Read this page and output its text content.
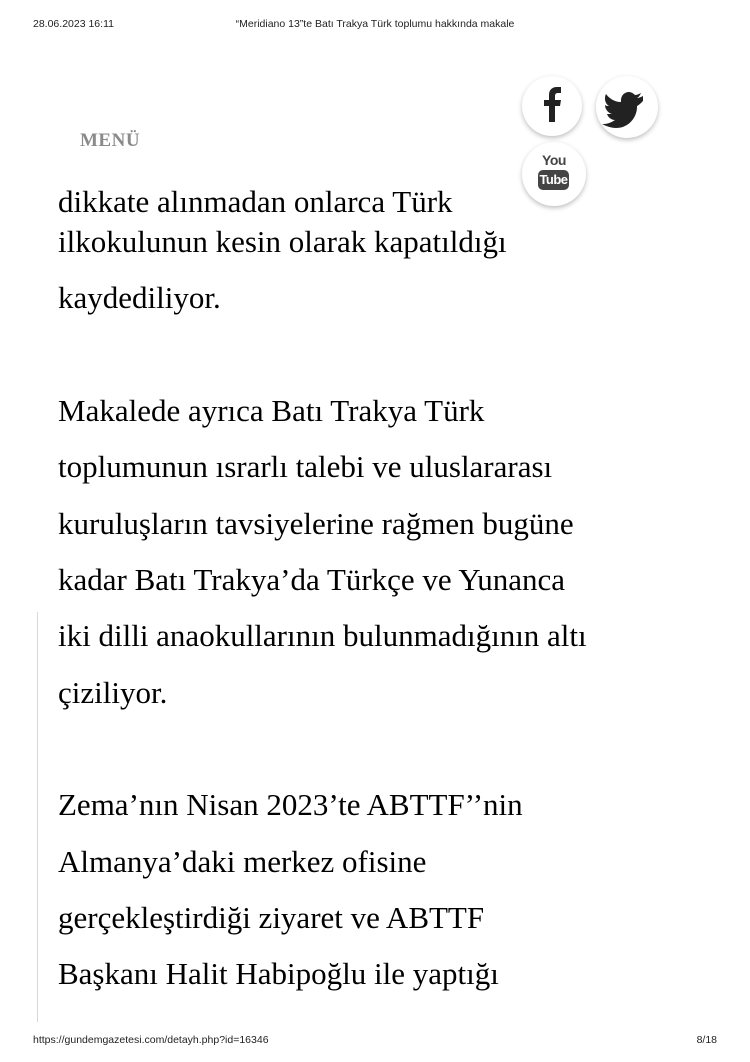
28.06.2023 16:11	“Meridiano 13”te Batı Trakya Türk toplumu hakkında makale
MENÜ
You
Tube
dikkate alınmadan onlarca Türk

ilkokulunun kesin olarak kapatıldığı
kaydediliyor.

Makalede ayrıca Batı Trakya Türk
toplumunun ısrarlı talebi ve uluslararası
kuruluşların tavsiyelerine rağmen bugüne
kadar Batı Trakya’da Türkçe ve Yunanca
iki dilli anaokullarının bulunmadığının altı
çiziliyor.

Zema’nın Nisan 2023’te ABTTF’’nin
Almanya’daki merkez ofisine
gerçekleştirdiği ziyaret ve ABTTF
Başkanı Halit Habipoğlu ile yaptığı

https://gundemgazetesi.com/detayh.php?id=16346	8/18
